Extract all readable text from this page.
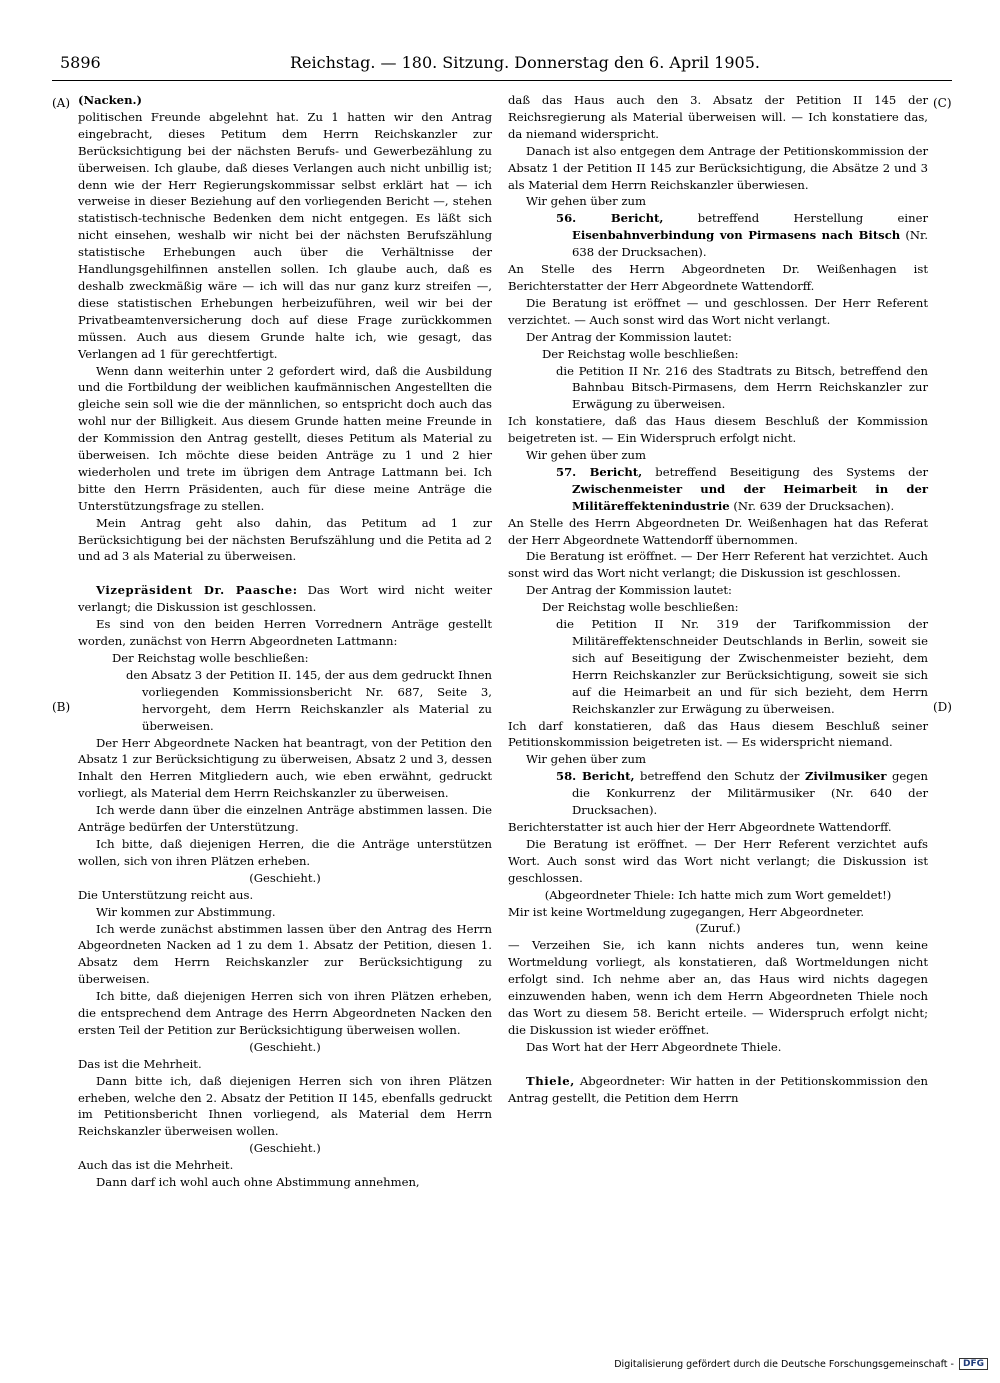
5896	Reichstag. — 180. Sitzung. Donnerstag den 6. April 1905.
(A)
(B)
(C)
(D)

(Nacken.)

politischen Freunde abgelehnt hat. Zu 1 hatten wir den Antrag eingebracht, dieses Petitum dem Herrn Reichskanzler zur Berücksichtigung bei der nächsten Berufs- und Gewerbezählung zu überweisen. Ich glaube, daß dieses Verlangen auch nicht unbillig ist; denn wie der Herr Regierungskommissar selbst erklärt hat — ich verweise in dieser Beziehung auf den vorliegenden Bericht —, stehen statistisch-technische Bedenken dem nicht entgegen. Es läßt sich nicht einsehen, weshalb wir nicht bei der nächsten Berufszählung statistische Erhebungen auch über die Verhältnisse der Handlungsgehilfinnen anstellen sollen. Ich glaube auch, daß es deshalb zweckmäßig wäre — ich will das nur ganz kurz streifen —, diese statistischen Erhebungen herbeizuführen, weil wir bei der Privatbeamtenversicherung doch auf diese Frage zurückkommen müssen. Auch aus diesem Grunde halte ich, wie gesagt, das Verlangen ad 1 für gerechtfertigt.

Wenn dann weiterhin unter 2 gefordert wird, daß die Ausbildung und die Fortbildung der weiblichen kaufmännischen Angestellten die gleiche sein soll wie die der männlichen, so entspricht doch auch das wohl nur der Billigkeit. Aus diesem Grunde hatten meine Freunde in der Kommission den Antrag gestellt, dieses Petitum als Material zu überweisen. Ich möchte diese beiden Anträge zu 1 und 2 hier wiederholen und trete im übrigen dem Antrage Lattmann bei. Ich bitte den Herrn Präsidenten, auch für diese meine Anträge die Unterstützungsfrage zu stellen.

Mein Antrag geht also dahin, das Petitum ad 1 zur Berücksichtigung bei der nächsten Berufszählung und die Petita ad 2 und ad 3 als Material zu überweisen.

Vizepräsident Dr. Paasche: Das Wort wird nicht weiter verlangt; die Diskussion ist geschlossen.

Es sind von den beiden Herren Vorrednern Anträge gestellt worden, zunächst von Herrn Abgeordneten Lattmann:

Der Reichstag wolle beschließen:

den Absatz 3 der Petition II. 145, der aus dem gedruckt Ihnen vorliegenden Kommissionsbericht Nr. 687, Seite 3, hervorgeht, dem Herrn Reichskanzler als Material zu überweisen.

Der Herr Abgeordnete Nacken hat beantragt, von der Petition den Absatz 1 zur Berücksichtigung zu überweisen, Absatz 2 und 3, dessen Inhalt den Herren Mitgliedern auch, wie eben erwähnt, gedruckt vorliegt, als Material dem Herrn Reichskanzler zu überweisen.

Ich werde dann über die einzelnen Anträge abstimmen lassen. Die Anträge bedürfen der Unterstützung.

Ich bitte, daß diejenigen Herren, die die Anträge unterstützen wollen, sich von ihren Plätzen erheben.

(Geschieht.)

Die Unterstützung reicht aus.

Wir kommen zur Abstimmung.

Ich werde zunächst abstimmen lassen über den Antrag des Herrn Abgeordneten Nacken ad 1 zu dem 1. Absatz der Petition, diesen 1. Absatz dem Herrn Reichskanzler zur Berücksichtigung zu überweisen.

Ich bitte, daß diejenigen Herren sich von ihren Plätzen erheben, die entsprechend dem Antrage des Herrn Abgeordneten Nacken den ersten Teil der Petition zur Berücksichtigung überweisen wollen.

(Geschieht.)

Das ist die Mehrheit.

Dann bitte ich, daß diejenigen Herren sich von ihren Plätzen erheben, welche den 2. Absatz der Petition II 145, ebenfalls gedruckt im Petitionsbericht Ihnen vorliegend, als Material dem Herrn Reichskanzler überweisen wollen.

(Geschieht.)

Auch das ist die Mehrheit.

Dann darf ich wohl auch ohne Abstimmung annehmen,

daß das Haus auch den 3. Absatz der Petition II 145 der Reichsregierung als Material überweisen will. — Ich konstatiere das, da niemand widerspricht.

Danach ist also entgegen dem Antrage der Petitionskommission der Absatz 1 der Petition II 145 zur Berücksichtigung, die Absätze 2 und 3 als Material dem Herrn Reichskanzler überwiesen.

Wir gehen über zum

56. Bericht, betreffend Herstellung einer Eisenbahnverbindung von Pirmasens nach Bitsch (Nr. 638 der Drucksachen).

An Stelle des Herrn Abgeordneten Dr. Weißenhagen ist Berichterstatter der Herr Abgeordnete Wattendorff.

Die Beratung ist eröffnet — und geschlossen. Der Herr Referent verzichtet. — Auch sonst wird das Wort nicht verlangt.

Der Antrag der Kommission lautet:

Der Reichstag wolle beschließen:

die Petition II Nr. 216 des Stadtrats zu Bitsch, betreffend den Bahnbau Bitsch-Pirmasens, dem Herrn Reichskanzler zur Erwägung zu überweisen.

Ich konstatiere, daß das Haus diesem Beschluß der Kommission beigetreten ist. — Ein Widerspruch erfolgt nicht.

Wir gehen über zum

57. Bericht, betreffend Beseitigung des Systems der Zwischenmeister und der Heimarbeit in der Militäreffektenindustrie (Nr. 639 der Drucksachen).

An Stelle des Herrn Abgeordneten Dr. Weißenhagen hat das Referat der Herr Abgeordnete Wattendorff übernommen.

Die Beratung ist eröffnet. — Der Herr Referent hat verzichtet. Auch sonst wird das Wort nicht verlangt; die Diskussion ist geschlossen.

Der Antrag der Kommission lautet:

Der Reichstag wolle beschließen:

die Petition II Nr. 319 der Tarifkommission der Militäreffektenschneider Deutschlands in Berlin, soweit sie sich auf Beseitigung der Zwischenmeister bezieht, dem Herrn Reichskanzler zur Berücksichtigung, soweit sie sich auf die Heimarbeit an und für sich bezieht, dem Herrn Reichskanzler zur Erwägung zu überweisen.

Ich darf konstatieren, daß das Haus diesem Beschluß seiner Petitionskommission beigetreten ist. — Es widerspricht niemand.

Wir gehen über zum

58. Bericht, betreffend den Schutz der Zivilmusiker gegen die Konkurrenz der Militärmusiker (Nr. 640 der Drucksachen).

Berichterstatter ist auch hier der Herr Abgeordnete Wattendorff.

Die Beratung ist eröffnet. — Der Herr Referent verzichtet aufs Wort. Auch sonst wird das Wort nicht verlangt; die Diskussion ist geschlossen.

(Abgeordneter Thiele: Ich hatte mich zum Wort gemeldet!)

Mir ist keine Wortmeldung zugegangen, Herr Abgeordneter.

(Zuruf.)

— Verzeihen Sie, ich kann nichts anderes tun, wenn keine Wortmeldung vorliegt, als konstatieren, daß Wortmeldungen nicht erfolgt sind. Ich nehme aber an, das Haus wird nichts dagegen einzuwenden haben, wenn ich dem Herrn Abgeordneten Thiele noch das Wort zu diesem 58. Bericht erteile. — Widerspruch erfolgt nicht; die Diskussion ist wieder eröffnet.

Das Wort hat der Herr Abgeordnete Thiele.

Thiele, Abgeordneter: Wir hatten in der Petitionskommission den Antrag gestellt, die Petition dem Herrn

Digitalisierung gefördert durch die Deutsche Forschungsgemeinschaft -	DFG
